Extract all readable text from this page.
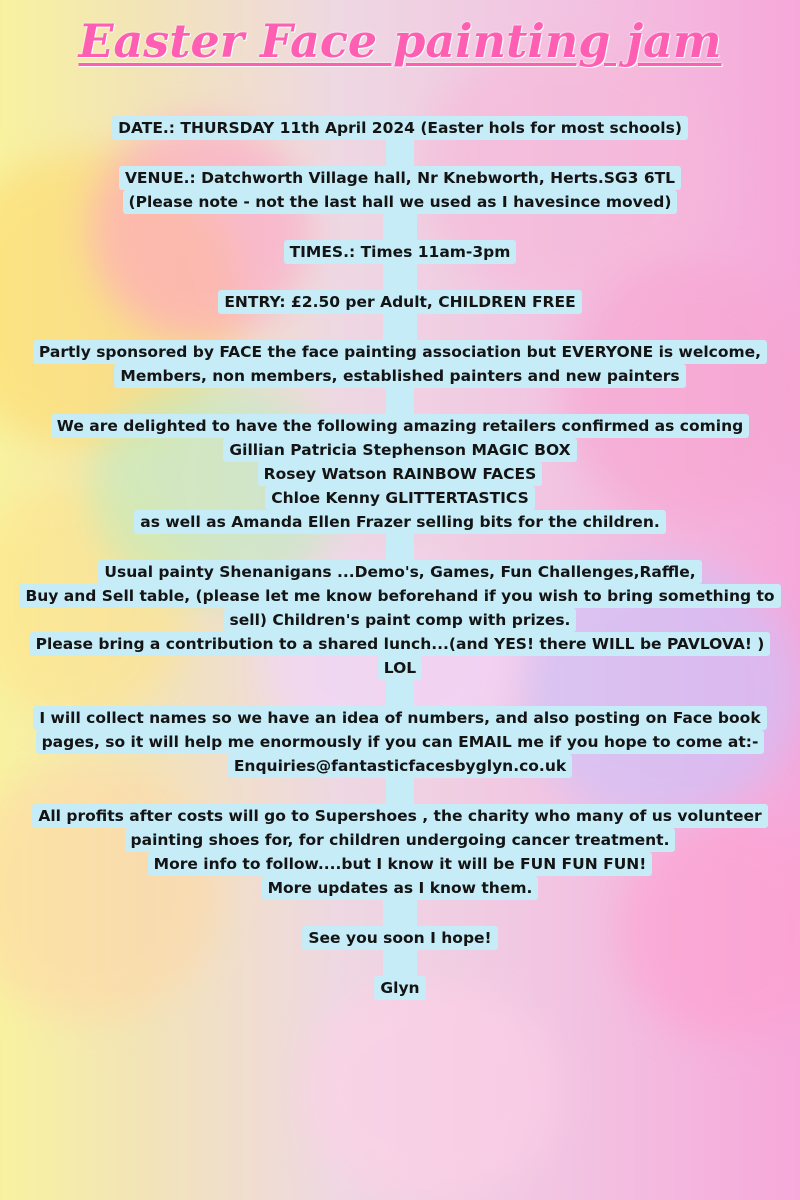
Easter Face painting jam
DATE.: THURSDAY 11th April 2024 (Easter hols for most schools)
VENUE.: Datchworth Village hall, Nr Knebworth, Herts.SG3 6TL
(Please note - not the last hall we used as I havesince moved)
TIMES.: Times 11am-3pm
ENTRY: £2.50 per Adult, CHILDREN FREE
Partly sponsored by FACE the face painting association but EVERYONE is welcome,
Members, non members, established painters and new painters
We are delighted to have the following amazing retailers confirmed as coming
Gillian Patricia Stephenson MAGIC BOX
Rosey Watson RAINBOW FACES
Chloe Kenny GLITTERTASTICS
as well as Amanda Ellen Frazer selling bits for the children.
Usual painty Shenanigans ...Demo's, Games, Fun Challenges,Raffle,
Buy and Sell table, (please let me know beforehand if you wish to bring something to
sell) Children's paint comp with prizes.
Please bring a contribution to a shared lunch...(and YES! there WILL be PAVLOVA! )
LOL
I will collect names so we have an idea of numbers, and also posting on Face book
pages, so it will help me enormously if you can EMAIL me if you hope to come at:-
Enquiries@fantasticfacesbyglyn.co.uk
All profits after costs will go to Supershoes , the charity who many of us volunteer
painting shoes for, for children undergoing cancer treatment.
More info to follow....but I know it will be FUN FUN FUN!
More updates as I know them.
See you soon I hope!
Glyn
